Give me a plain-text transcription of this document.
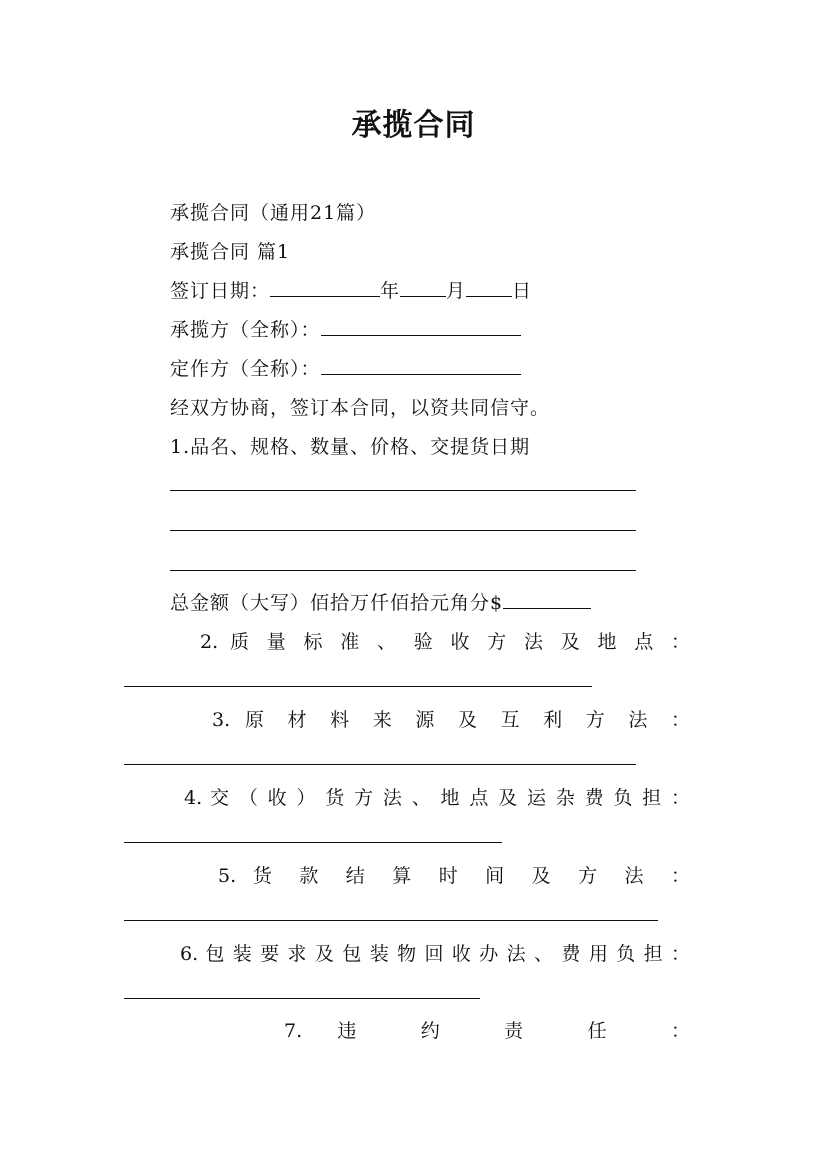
承揽合同
承揽合同（通用21篇）
承揽合同 篇1
签订日期：	年 月 日
承揽方（全称）：
定作方（全称）：
经双方协商，签订本合同，以资共同信守。
1.品名、规格、数量、价格、交提货日期
总金额（大写）佰拾万仟佰拾元角分$
2. 质 量 标 准 、 验 收 方 法 及 地 点 ：
3. 原 材 料 来 源 及 互 利 方 法 ：
4. 交 （ 收 ） 货 方 法 、 地 点 及 运 杂 费 负 担 ：
5. 货 款 结 算 时 间 及 方 法 ：
6. 包 装 要 求 及 包 装 物 回 收 办 法 、 费 用 负 担 ：
7. 违 约 责 任 ：
